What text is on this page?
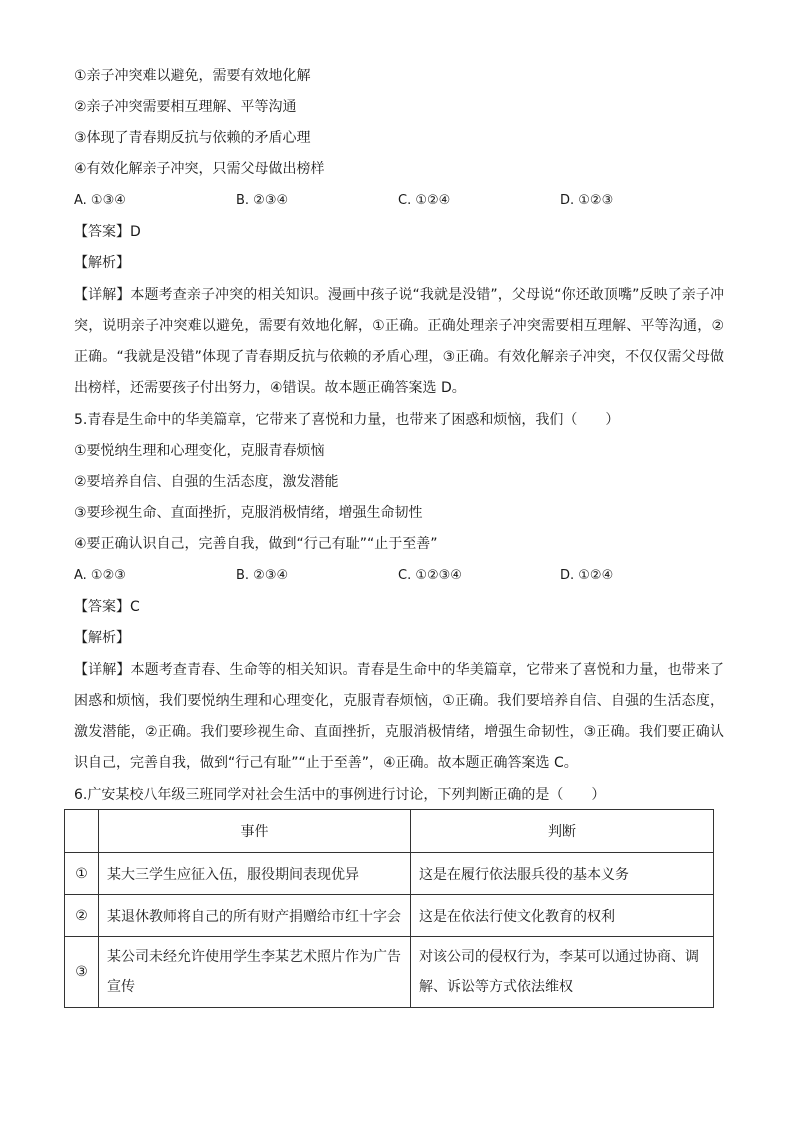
①亲子冲突难以避免，需要有效地化解
②亲子冲突需要相互理解、平等沟通
③体现了青春期反抗与依赖的矛盾心理
④有效化解亲子冲突，只需父母做出榜样
A. ①③④	B. ②③④	C. ①②④	D. ①②③
【答案】D
【解析】
【详解】本题考查亲子冲突的相关知识。漫画中孩子说“我就是没错”，父母说“你还敢顶嘴”反映了亲子冲突，说明亲子冲突难以避免，需要有效地化解，①正确。正确处理亲子冲突需要相互理解、平等沟通，②正确。“我就是没错”体现了青春期反抗与依赖的矛盾心理，③正确。有效化解亲子冲突，不仅仅需父母做出榜样，还需要孩子付出努力，④错误。故本题正确答案选 D。
5.青春是生命中的华美篇章，它带来了喜悦和力量，也带来了困惑和烦恼，我们（　　）
①要悦纳生理和心理变化，克服青春烦恼
②要培养自信、自强的生活态度，激发潜能
③要珍视生命、直面挫折，克服消极情绪，增强生命韧性
④要正确认识自己，完善自我，做到“行己有耻”“止于至善”
A. ①②③	B. ②③④	C. ①②③④	D. ①②④
【答案】C
【解析】
【详解】本题考查青春、生命等的相关知识。青春是生命中的华美篇章，它带来了喜悦和力量，也带来了困惑和烦恼，我们要悦纳生理和心理变化，克服青春烦恼，①正确。我们要培养自信、自强的生活态度，激发潜能，②正确。我们要珍视生命、直面挫折，克服消极情绪，增强生命韧性，③正确。我们要正确认识自己，完善自我，做到“行己有耻”“止于至善”，④正确。故本题正确答案选 C。
6.广安某校八年级三班同学对社会生活中的事例进行讨论，下列判断正确的是（　　）
	事件	判断
①	某大三学生应征入伍，服役期间表现优异	这是在履行依法服兵役的基本义务
②	某退休教师将自己的所有财产捐赠给市红十字会	这是在依法行使文化教育的权利
③	某公司未经允许使用学生李某艺术照片作为广告宣传	对该公司的侵权行为，李某可以通过协商、调解、诉讼等方式依法维权
